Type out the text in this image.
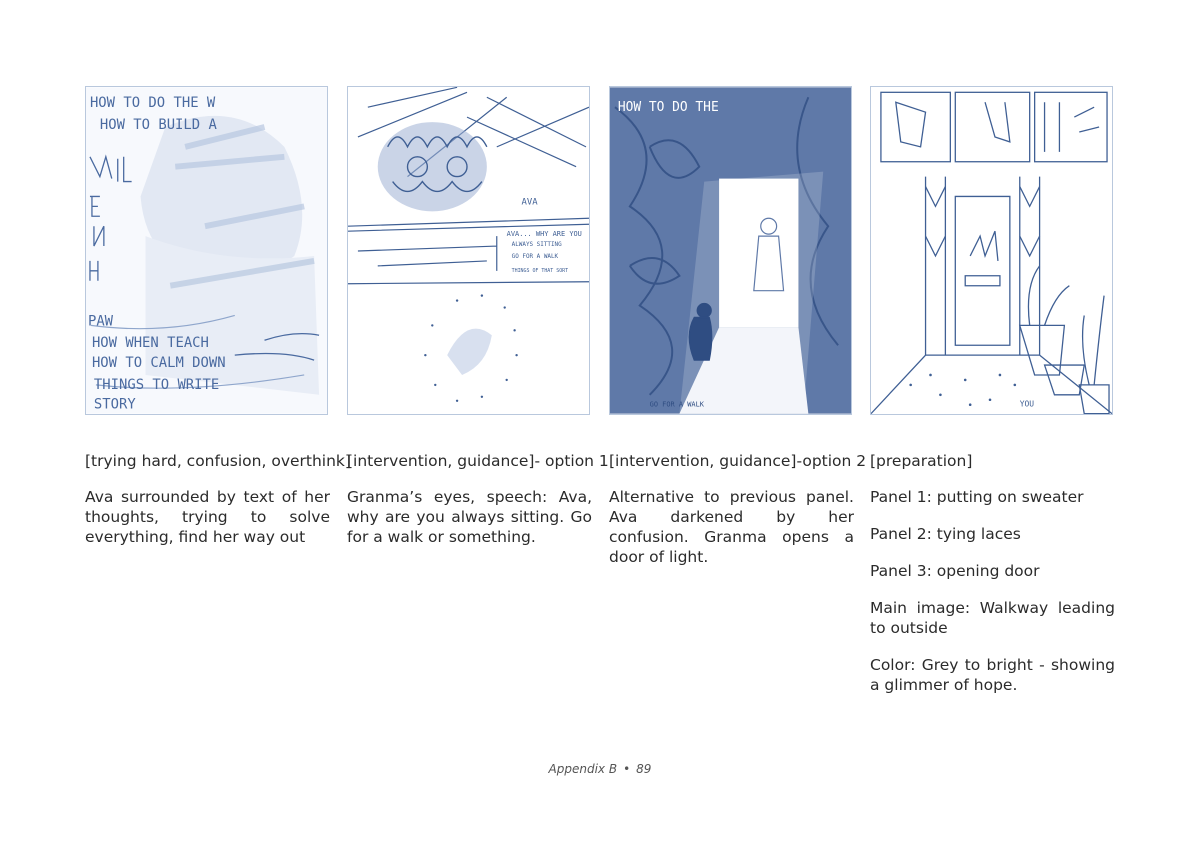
HOW TO DO THE W
HOW TO BUILD A
PAW
HOW WHEN TEACH
HOW TO CALM DOWN
THINGS TO WRITE
STORY
AVA
AVA... WHY ARE YOU
ALWAYS SITTING
GO FOR A WALK
THINGS OF THAT SORT
HOW TO DO THE
GO FOR A WALK	YOU

[trying hard, confusion, overthink]

Ava surrounded by text of her thoughts, trying to solve everything, find her way out

[intervention, guidance]- option 1

Granma’s eyes, speech: Ava, why are you always sitting. Go for a walk or something.

[intervention, guidance]-option 2

Alternative to previous panel. Ava darkened by her confusion. Granma opens a door of light.

[preparation]

Panel 1: putting on sweater

Panel 2: tying laces

Panel 3: opening door

Main image: Walkway leading to outside

Color: Grey to bright - showing a glimmer of hope.

Appendix B • 89
